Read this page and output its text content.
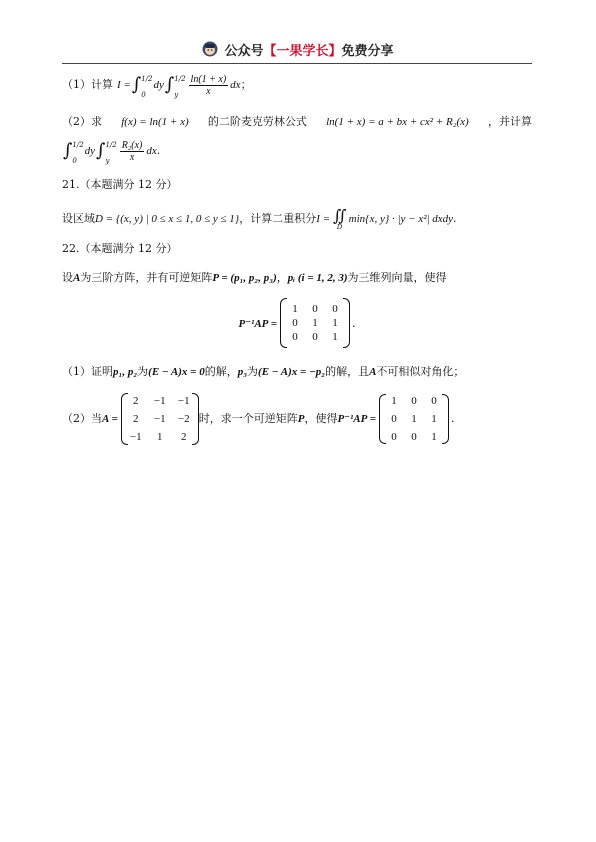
公众号 【一果学长】 免费分享
（1）计算 I = ∫ 1/2
0
dy ∫ 1/2
y	$\frac{\ln(1 + x)}{x}$ dx ；
（2）求 f(x) = ln(1 + x) 的二阶麦克劳林公式 ln(1 + x) = a + bx + cx² + R₂(x) ，并计算
∫ 1/2
0
dy ∫ 1/2
y	$\frac{\text{R₂(x)}}{x}$ dx .
21.（本题满分 12 分）
设区域 D = {(x, y) | 0 ≤ x ≤ 1, 0 ≤ y ≤ 1} ，计算二重积分 I = ∬
D
min{x, y} · |y − x²| dxdy .
22.（本题满分 12 分）
设 A 为三阶方阵，并有可逆矩阵 P = (p₁, p₂, p₃) ， pᵢ (i = 1, 2, 3) 为三维列向量，使得
P⁻¹AP =
1 0 0
0 1 1
0 0 1
.
（1）证明 p₁, p₂ 为 (E − A)x = 0 的解， p₃ 为 (E − A)x = −p₂ 的解，且 A 不可相似对角化；
（2）当 A =
2 −1 −1
2 −1 −2
−1 1 2
时，求一个可逆矩阵 P ，使得 P⁻¹AP =
1 0 0
0 1 1
0 0 1
.
